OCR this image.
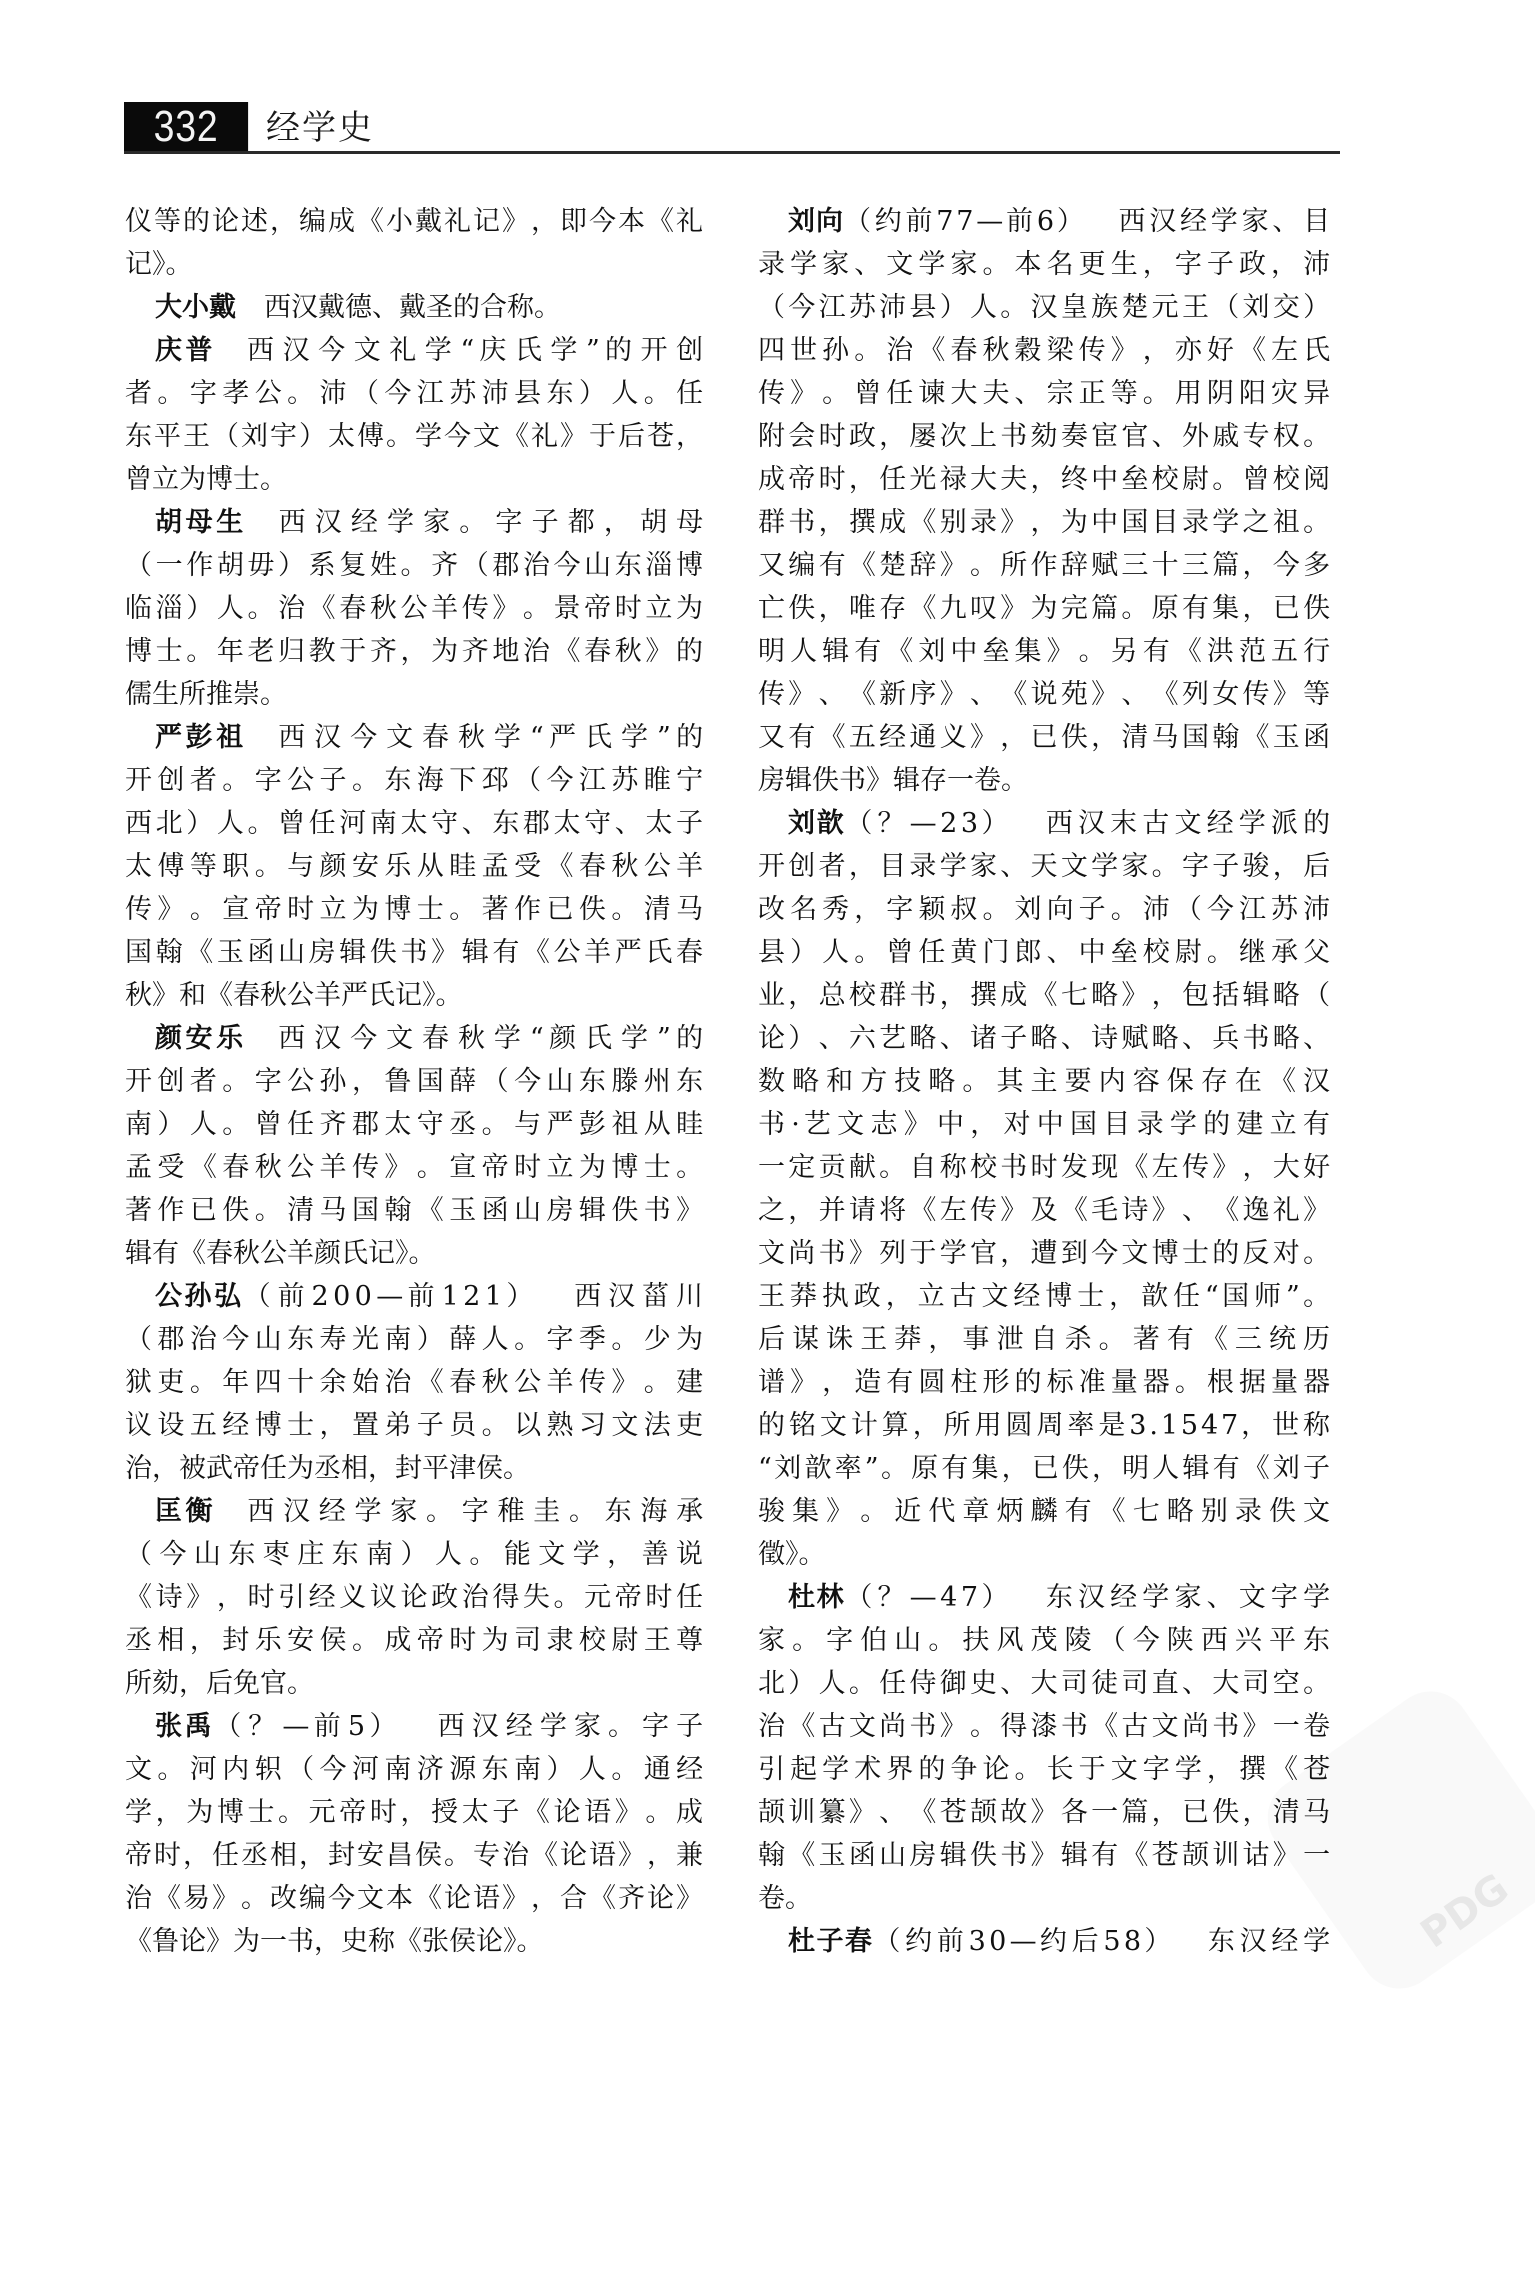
332	经学史
仪 等 的 论 述 ， 编 成 《 小 戴 礼 记 》 ， 即 今 本 《 礼
记》。
大小戴 西汉戴德、戴圣的合称。
庆普 西 汉 今 文 礼 学 “ 庆 氏 学 ” 的 开 创
者 。 字 孝 公 。 沛 （ 今 江 苏 沛 县 东 ） 人 。 任
东 平 王 （ 刘 宇 ） 太 傅 。 学 今 文 《 礼 》 于 后 苍 ，
曾立为博士。
胡母生 西 汉 经 学 家 。 字 子 都 ， 胡 母
（ 一 作 胡 毋 ） 系 复 姓 。 齐 （ 郡 治 今 山 东 淄 博
临 淄 ） 人 。 治 《 春 秋 公 羊 传 》 。 景 帝 时 立 为
博 士 。 年 老 归 教 于 齐 ， 为 齐 地 治 《 春 秋 》 的
儒生所推崇。
严彭祖 西 汉 今 文 春 秋 学 “ 严 氏 学 ” 的
开 创 者 。 字 公 子 。 东 海 下 邳 （ 今 江 苏 睢 宁
西 北 ） 人 。 曾 任 河 南 太 守 、 东 郡 太 守 、 太 子
太 傅 等 职 。 与 颜 安 乐 从 眭 孟 受 《 春 秋 公 羊
传 》 。 宣 帝 时 立 为 博 士 。 著 作 已 佚 。 清 马
国 翰 《 玉 函 山 房 辑 佚 书 》 辑 有 《 公 羊 严 氏 春
秋》和《春秋公羊严氏记》。
颜安乐 西 汉 今 文 春 秋 学 “ 颜 氏 学 ” 的
开 创 者 。 字 公 孙 ， 鲁 国 薛 （ 今 山 东 滕 州 东
南 ） 人 。 曾 任 齐 郡 太 守 丞 。 与 严 彭 祖 从 眭
孟 受 《 春 秋 公 羊 传 》 。 宣 帝 时 立 为 博 士 。
著 作 已 佚 。 清 马 国 翰 《 玉 函 山 房 辑 佚 书 》
辑有《春秋公羊颜氏记》。
公孙弘（ 前 2 0 0 — 前 1 2 1 ） 　 西 汉 菑 川
（ 郡 治 今 山 东 寿 光 南 ） 薛 人 。 字 季 。 少 为
狱 吏 。 年 四 十 余 始 治 《 春 秋 公 羊 传 》 。 建
议 设 五 经 博 士 ， 置 弟 子 员 。 以 熟 习 文 法 吏
治，被武帝任为丞相，封平津侯。
匡衡 西 汉 经 学 家 。 字 稚 圭 。 东 海 承
（ 今 山 东 枣 庄 东 南 ） 人 。 能 文 学 ， 善 说
《 诗 》 ， 时 引 经 义 议 论 政 治 得 失 。 元 帝 时 任
丞 相 ， 封 乐 安 侯 。 成 帝 时 为 司 隶 校 尉 王 尊
所劾，后免官。
张禹（ ？ — 前 5 ） 　 西 汉 经 学 家 。 字 子
文 。 河 内 轵 （ 今 河 南 济 源 东 南 ） 人 。 通 经
学 ， 为 博 士 。 元 帝 时 ， 授 太 子 《 论 语 》 。 成
帝 时 ， 任 丞 相 ， 封 安 昌 侯 。 专 治 《 论 语 》 ， 兼
治 《 易 》 。 改 编 今 文 本 《 论 语 》 ， 合 《 齐 论 》
《鲁论》为一书，史称《张侯论》。
刘向（ 约 前 7 7 — 前 6 ） 　 西 汉 经 学 家 、 目
录 学 家 、 文 学 家 。 本 名 更 生 ， 字 子 政 ， 沛
（ 今 江 苏 沛 县 ） 人 。 汉 皇 族 楚 元 王 （ 刘 交 ）
四 世 孙 。 治 《 春 秋 穀 梁 传 》 ， 亦 好 《 左 氏
传 》 。 曾 任 谏 大 夫 、 宗 正 等 。 用 阴 阳 灾 异
附 会 时 政 ， 屡 次 上 书 劾 奏 宦 官 、 外 戚 专 权 。
成 帝 时 ， 任 光 禄 大 夫 ， 终 中 垒 校 尉 。 曾 校 阅
群 书 ， 撰 成 《 别 录 》 ， 为 中 国 目 录 学 之 祖 。
又 编 有 《 楚 辞 》 。 所 作 辞 赋 三 十 三 篇 ， 今 多
亡 佚 ， 唯 存 《 九 叹 》 为 完 篇 。 原 有 集 ， 已 佚
明 人 辑 有 《 刘 中 垒 集 》 。 另 有 《 洪 范 五 行
传 》 、 《 新 序 》 、 《 说 苑 》 、 《 列 女 传 》 等
又 有 《 五 经 通 义 》 ， 已 佚 ， 清 马 国 翰 《 玉 函
房辑佚书》辑存一卷。
刘歆（ ？ — 2 3 ） 　 西 汉 末 古 文 经 学 派 的
开 创 者 ， 目 录 学 家 、 天 文 学 家 。 字 子 骏 ， 后
改 名 秀 ， 字 颖 叔 。 刘 向 子 。 沛 （ 今 江 苏 沛
县 ） 人 。 曾 任 黄 门 郎 、 中 垒 校 尉 。 继 承 父
业 ， 总 校 群 书 ， 撰 成 《 七 略 》 ， 包 括 辑 略 （
论 ） 、 六 艺 略 、 诸 子 略 、 诗 赋 略 、 兵 书 略 、
数 略 和 方 技 略 。 其 主 要 内 容 保 存 在 《 汉
书 · 艺 文 志 》 中 ， 对 中 国 目 录 学 的 建 立 有
一 定 贡 献 。 自 称 校 书 时 发 现 《 左 传 》 ， 大 好
之 ， 并 请 将 《 左 传 》 及 《 毛 诗 》 、 《 逸 礼 》
文 尚 书 》 列 于 学 官 ， 遭 到 今 文 博 士 的 反 对 。
王 莽 执 政 ， 立 古 文 经 博 士 ， 歆 任 “ 国 师 ” 。
后 谋 诛 王 莽 ， 事 泄 自 杀 。 著 有 《 三 统 历
谱 》 ， 造 有 圆 柱 形 的 标 准 量 器 。 根 据 量 器
的 铭 文 计 算 ， 所 用 圆 周 率 是 3 . 1 5 4 7 ， 世 称
“ 刘 歆 率 ” 。 原 有 集 ， 已 佚 ， 明 人 辑 有 《 刘 子
骏 集 》 。 近 代 章 炳 麟 有 《 七 略 别 录 佚 文
徵》。
杜林（ ？ — 4 7 ） 　 东 汉 经 学 家 、 文 字 学
家 。 字 伯 山 。 扶 风 茂 陵 （ 今 陕 西 兴 平 东
北 ） 人 。 任 侍 御 史 、 大 司 徒 司 直 、 大 司 空 。
治 《 古 文 尚 书 》 。 得 漆 书 《 古 文 尚 书 》 一 卷
引 起 学 术 界 的 争 论 。 长 于 文 字 学 ， 撰 《 苍
颉 训 纂 》 、 《 苍 颉 故 》 各 一 篇 ， 已 佚 ， 清 马
翰 《 玉 函 山 房 辑 佚 书 》 辑 有 《 苍 颉 训 诂 》 一
卷。
杜子春（ 约 前 3 0 — 约 后 5 8 ） 　 东 汉 经 学	PDG
